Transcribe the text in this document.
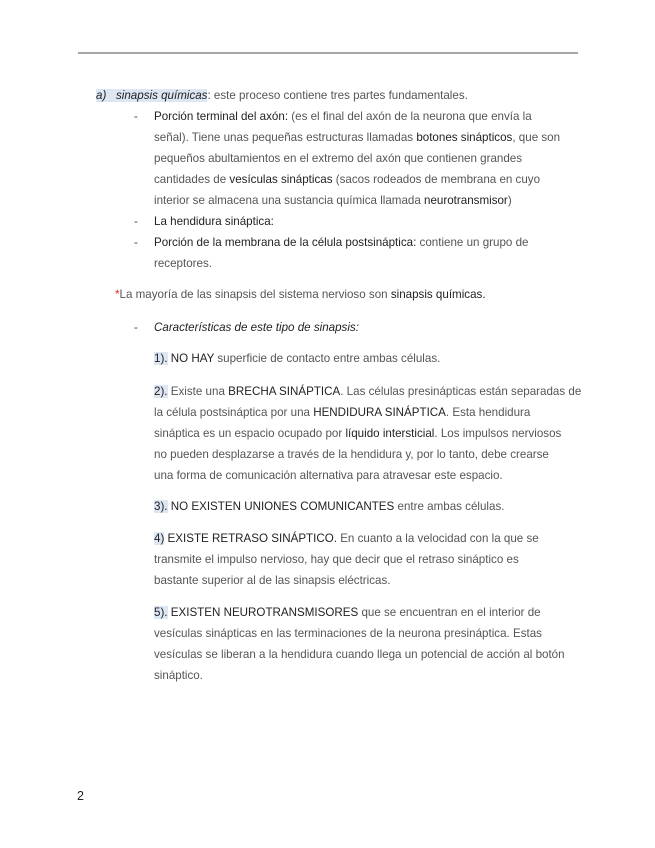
a) sinapsis químicas: este proceso contiene tres partes fundamentales.
- Porción terminal del axón: (es el final del axón de la neurona que envía la
señal). Tiene unas pequeñas estructuras llamadas botones sinápticos, que son
pequeños abultamientos en el extremo del axón que contienen grandes
cantidades de vesículas sinápticas (sacos rodeados de membrana en cuyo
interior se almacena una sustancia química llamada neurotransmisor)
- La hendidura sináptica:
- Porción de la membrana de la célula postsináptica: contiene un grupo de
receptores.
*La mayoría de las sinapsis del sistema nervioso son sinapsis químicas.
- Características de este tipo de sinapsis:
1). NO HAY superficie de contacto entre ambas células.
2). Existe una BRECHA SINÁPTICA. Las células presinápticas están separadas de
la célula postsináptica por una HENDIDURA SINÁPTICA. Esta hendidura
sináptica es un espacio ocupado por líquido intersticial. Los impulsos nerviosos
no pueden desplazarse a través de la hendidura y, por lo tanto, debe crearse
una forma de comunicación alternativa para atravesar este espacio.
3). NO EXISTEN UNIONES COMUNICANTES entre ambas células.
4) EXISTE RETRASO SINÁPTICO. En cuanto a la velocidad con la que se
transmite el impulso nervioso, hay que decir que el retraso sináptico es
bastante superior al de las sinapsis eléctricas.
5). EXISTEN NEUROTRANSMISORES que se encuentran en el interior de
vesículas sinápticas en las terminaciones de la neurona presináptica. Estas
vesículas se liberan a la hendidura cuando llega un potencial de acción al botón
sináptico.
2
